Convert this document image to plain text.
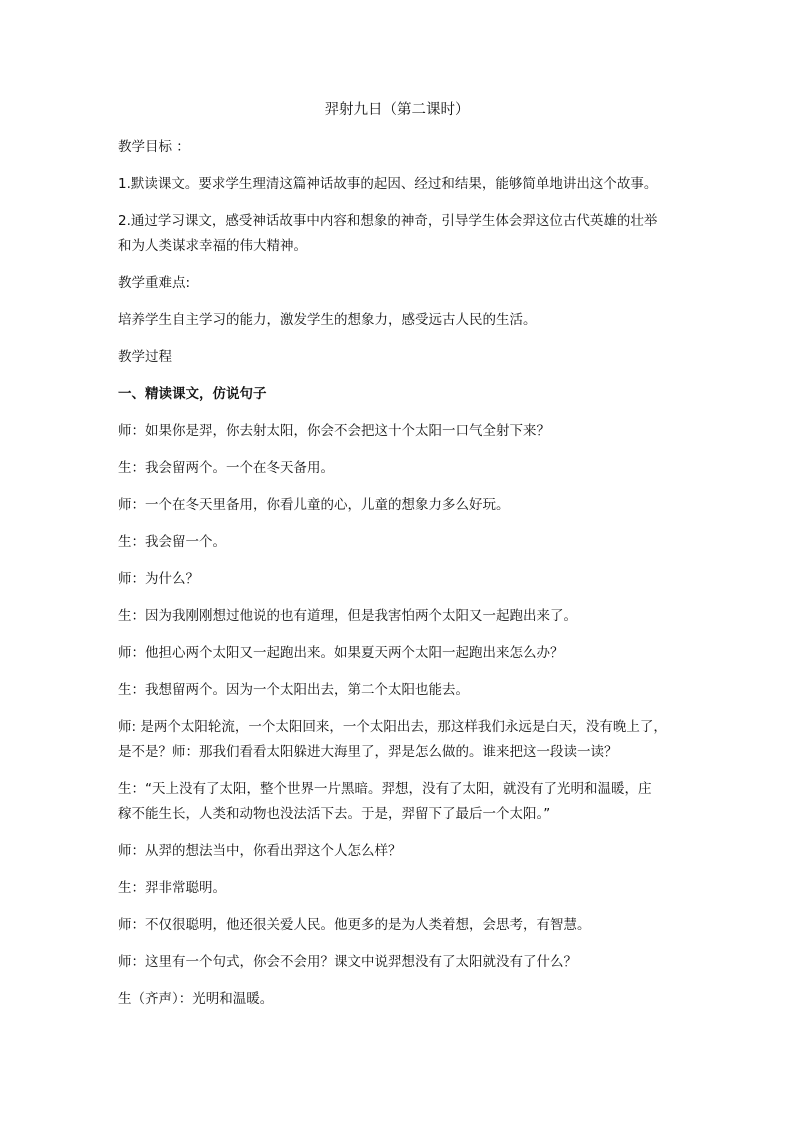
羿射九日（第二课时）
教学目标 ：
1.默读课文。要求学生理清这篇神话故事的起因、经过和结果，能够简单地讲出这个故事。
2.通过学习课文，感受神话故事中内容和想象的神奇，引导学生体会羿这位古代英雄的壮举
和为人类谋求幸福的伟大精神。
教学重难点:
培养学生自主学习的能力，激发学生的想象力，感受远古人民的生活。
教学过程
一、精读课文，仿说句子
师：如果你是羿，你去射太阳，你会不会把这十个太阳一口气全射下来？
生：我会留两个。一个在冬天备用。
师：一个在冬天里备用，你看儿童的心，儿童的想象力多么好玩。
生：我会留一个。
师：为什么？
生：因为我刚刚想过他说的也有道理，但是我害怕两个太阳又一起跑出来了。
师：他担心两个太阳又一起跑出来。如果夏天两个太阳一起跑出来怎么办？
生：我想留两个。因为一个太阳出去，第二个太阳也能去。
师: 是两个太阳轮流，一个太阳回来，一个太阳出去，那这样我们永远是白天，没有晚上了，
是不是？师：那我们看看太阳躲进大海里了，羿是怎么做的。谁来把这一段读一读？
生：“天上没有了太阳，整个世界一片黑暗。羿想，没有了太阳，就没有了光明和温暖，庄
稼不能生长，人类和动物也没法活下去。于是，羿留下了最后一个太阳。”
师：从羿的想法当中，你看出羿这个人怎么样？
生：羿非常聪明。
师：不仅很聪明，他还很关爱人民。他更多的是为人类着想，会思考，有智慧。
师：这里有一个句式，你会不会用？课文中说羿想没有了太阳就没有了什么？
生（齐声）：光明和温暖。
